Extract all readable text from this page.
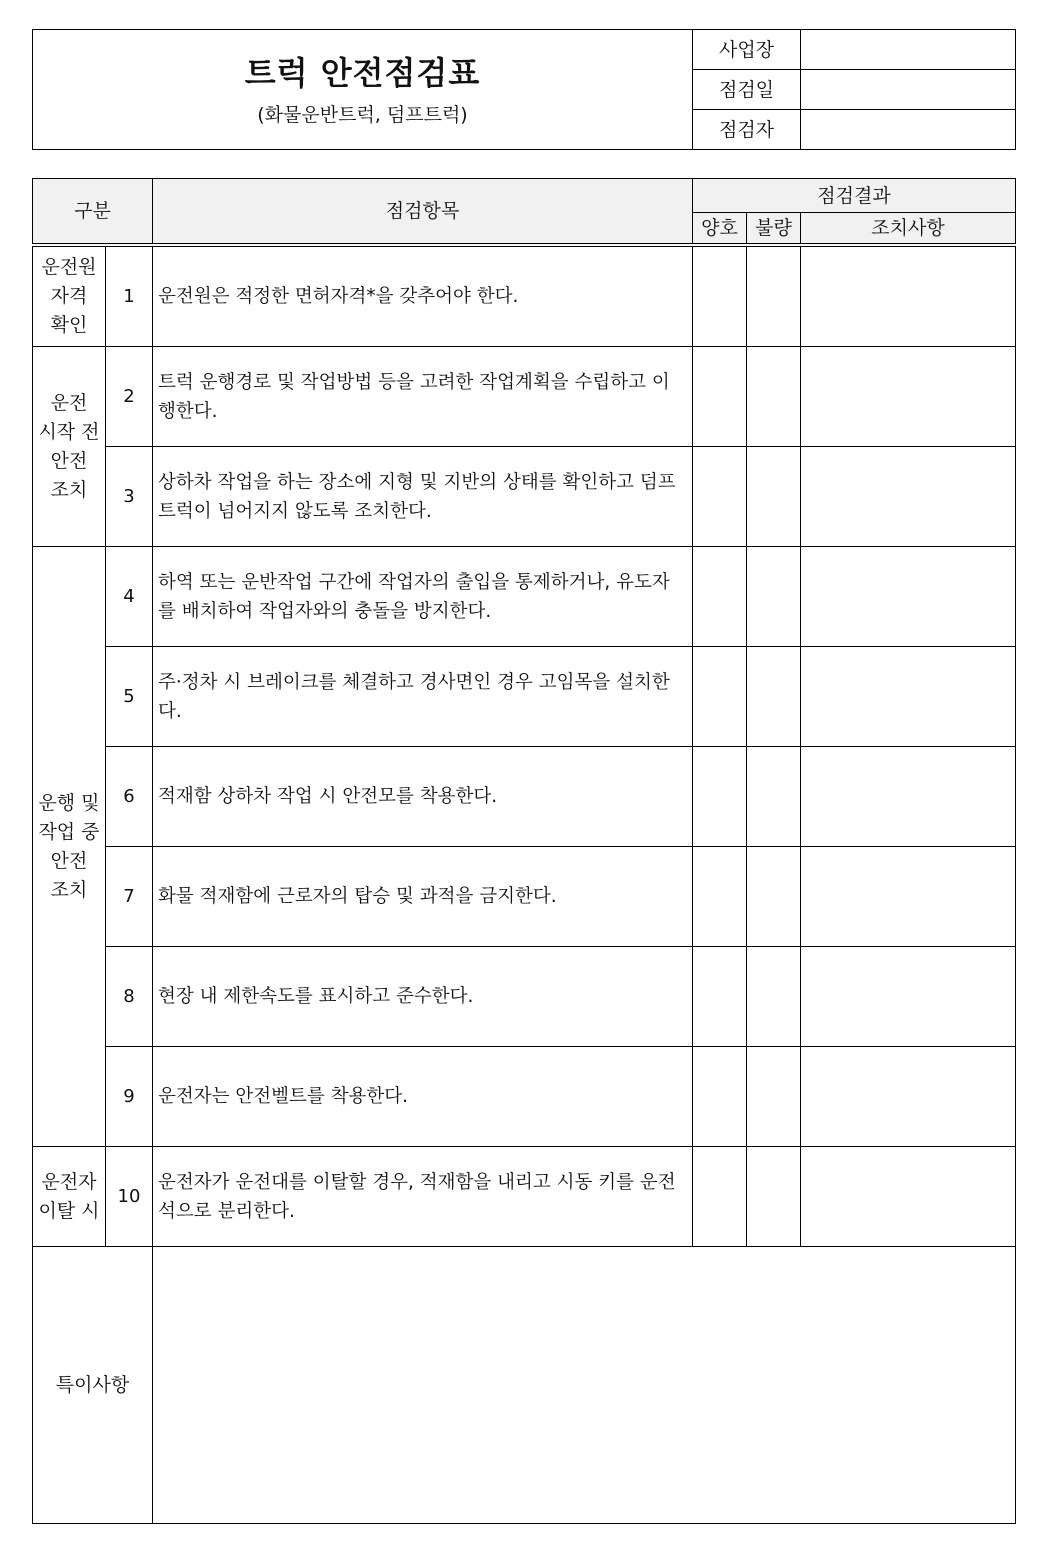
트럭 안전점검표
(화물운반트럭, 덤프트럭)	사업장	
	점검일	
	점검자	
구분		점검항목	점검결과		
			양호	불량	조치사항

운전원
자격
확인	1	운전원은 적정한 면허자격*을 갖추어야 한다.			

운전
시작 전
안전
조치	2	트럭 운행경로 및 작업방법 등을 고려한 작업계획을 수립하고 이행한다.			
	3	상하차 작업을 하는 장소에 지형 및 지반의 상태를 확인하고 덤프트럭이 넘어지지 않도록 조치한다.			

운행 및
작업 중
안전
조치	4	하역 또는 운반작업 구간에 작업자의 출입을 통제하거나, 유도자를 배치하여 작업자와의 충돌을 방지한다.			
	5	주·정차 시 브레이크를 체결하고 경사면인 경우 고임목을 설치한다.			
	6	적재함 상하차 작업 시 안전모를 착용한다.			
	7	화물 적재함에 근로자의 탑승 및 과적을 금지한다.			
	8	현장 내 제한속도를 표시하고 준수한다.			
	9	운전자는 안전벨트를 착용한다.			

운전자
이탈 시	10	운전자가 운전대를 이탈할 경우, 적재함을 내리고 시동 키를 운전석으로 분리한다.			
특이사항					
